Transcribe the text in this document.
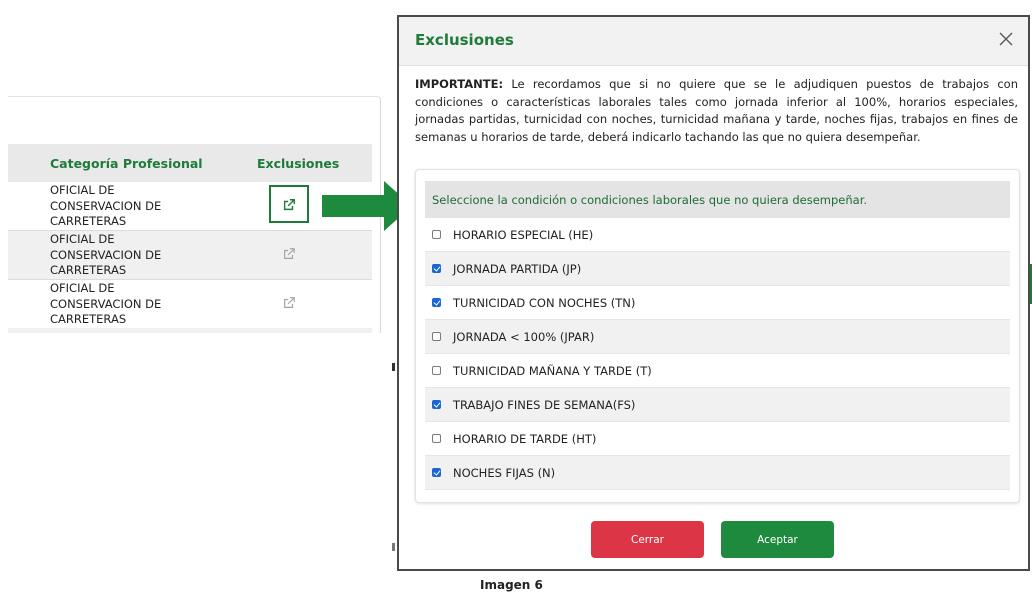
Categoría Profesional	Exclusiones
OFICIAL DE
CONSERVACION DE
CARRETERAS
OFICIAL DE
CONSERVACION DE
CARRETERAS
OFICIAL DE
CONSERVACION DE
CARRETERAS
Exclusiones
IMPORTANTE: Le recordamos que si no quiere que se le adjudiquen puestos de trabajos con condiciones o características laborales tales como jornada inferior al 100%, horarios especiales, jornadas partidas, turnicidad con noches, turnicidad mañana y tarde, noches fijas, trabajos en fines de semanas u horarios de tarde, deberá indicarlo tachando las que no quiera desempeñar.
Seleccione la condición o condiciones laborales que no quiera desempeñar.
HORARIO ESPECIAL (HE)
JORNADA PARTIDA (JP)
TURNICIDAD CON NOCHES (TN)
JORNADA < 100% (JPAR)
TURNICIDAD MAÑANA Y TARDE (T)
TRABAJO FINES DE SEMANA(FS)
HORARIO DE TARDE (HT)
NOCHES FIJAS (N)
Cerrar	Aceptar
Imagen 6
